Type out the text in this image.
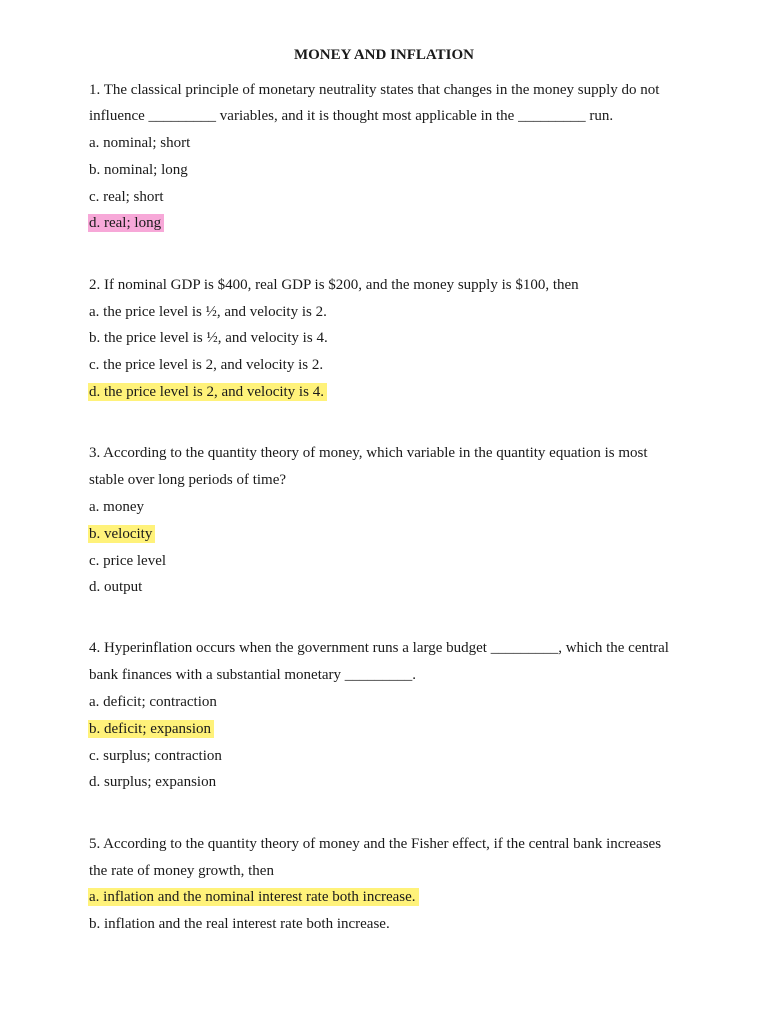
MONEY AND INFLATION
1. The classical principle of monetary neutrality states that changes in the money supply do not
influence _________ variables, and it is thought most applicable in the _________ run.
a. nominal; short
b. nominal; long
c. real; short
d. real; long
2. If nominal GDP is $400, real GDP is $200, and the money supply is $100, then
a. the price level is ½, and velocity is 2.
b. the price level is ½, and velocity is 4.
c. the price level is 2, and velocity is 2.
d. the price level is 2, and velocity is 4.
3. According to the quantity theory of money, which variable in the quantity equation is most
stable over long periods of time?
a. money
b. velocity
c. price level
d. output
4. Hyperinflation occurs when the government runs a large budget _________, which the central
bank finances with a substantial monetary _________.
a. deficit; contraction
b. deficit; expansion
c. surplus; contraction
d. surplus; expansion
5. According to the quantity theory of money and the Fisher effect, if the central bank increases
the rate of money growth, then
a. inflation and the nominal interest rate both increase.
b. inflation and the real interest rate both increase.
